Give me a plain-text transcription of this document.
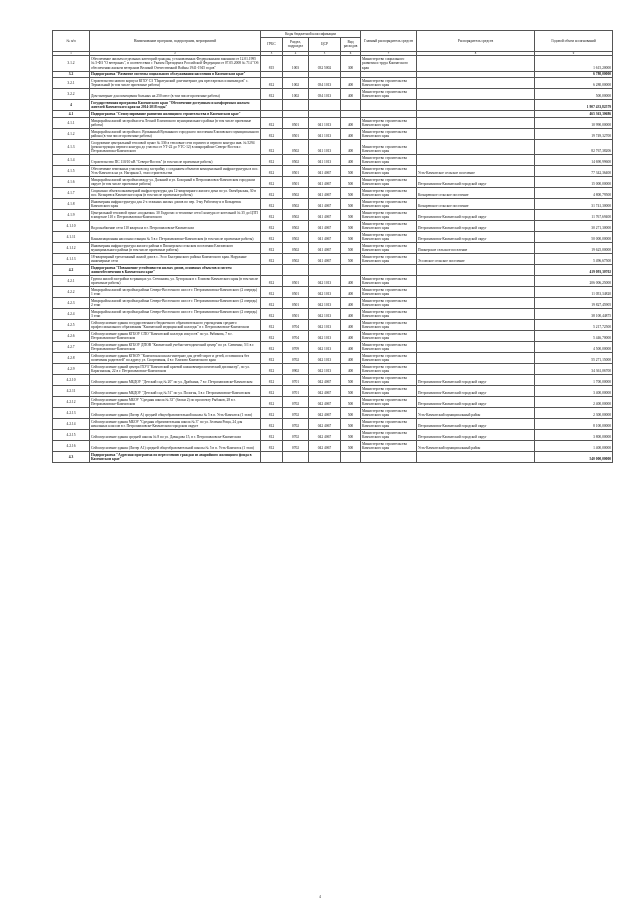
№ п/п	Наименование программ, подпрограмм, мероприятий	Коды бюджетной классификации				Главный распорядитель средств	Распорядитель средств	Годовой объем ассигнований
		ГРБС	Раздел, подраздел	ЦСР	Вид расходов			
1	2	3	4	5	6	7	8	9
3.1.2	Обеспечение жильем отдельных категорий граждан, установленных Федеральными законами от 12.01.1995 № 5-ФЗ "О ветеранах", в соответствии с Указом Президента Российской Федерации от 07.05.2008 № 714 "Об обеспечении жильем ветеранов Великой Отечественной Войны 1941-1945 годов"	815	1003	032 5002	300	Министерство социального развития и труда Камчатского края		1 615,20000
3.2	Подпрограмма "Развитие системы социального обслуживания населения в Камчатском крае"							6 780,00000
3.2.1	Строительство нового корпуса КГБУ СЗ "Паратунский дом-интернат для престарелых и инвалидов" с. Термальный (в том числе проектные работы)	812	1002	034 1013	400	Министерство строительства Камчатского края		6 280,00000
3.2.2	Дом-интернат для помещения больных на 250 мест (в том числе проектные работы)	812	1002	034 1013	400	Министерство строительства Камчатского края		500,00000
4	Государственная программа Камчатского края "Обеспечение доступным и комфортным жильем жителей Камчатского края на 2014-2018 годы"							1 907 433,82579
4.1	Подпрограмма "Стимулирование развития жилищного строительства в Камчатском крае"							465 363,30686
4.1.1	Микрорайон жилой застройки м-н Лесной Елизовского муниципального района (в том числе проектные работы)	812	0501	041 1013	400	Министерство строительства Камчатского края		10 990,00000
4.1.2	Микрорайон жилой застройки п. Вулканный Вулканного городского поселения Елизовского муниципального района (в том числе проектные работы)	812	0501	041 1013	400	Министерство строительства Камчатского края		19 749,32700
4.1.3	Сооружение центральный тепловой пункт № 336-а тепловые сети горячего и первого контура инв. № 5294 (реконструкция первого контура до участка от УТ-22 до УТС-12) в микрорайоне Северо-Восток г. Петропавловска-Камчатского	812	0502	041 1013	400	Министерство строительства Камчатского края		82 767,38206
4.1.4	Строительство ПС 110/10 кВ "Северо-Восток" (в том числе проектные работы)	812	0502	041 1013	400	Министерство строительства Камчатского края		14 690,99600
4.1.5	Обеспечение земельных участков под застройку с созданием объектов коммунальной инфраструктуры в пос. Усть-Камчатск на ул. Нагорная 3, этап строительства	812	0501	041 4067	500	Министерство строительства Камчатского края	Усть-Камчатское сельское поселение	77 342,36400
4.1.6	Микрорайон жилой застройки между ул. Дальний и ул. Бохорный в Петропавловск-Камчатском городском округе (в том числе проектные работы)	812	0501	041 4067	500	Министерство строительства Камчатского края	Петропавловск-Камчатский городской округ	15 000,00000
4.1.7	Социально объекта инженерной инфраструктуры для 12-квартирного жилого дома по ул. Октябрьская, 30 в пос. Козыревск Камчатского края (в том числе проектные работы)	812	0502	041 4067	500	Министерство строительства Камчатского края	Козыревское сельское поселение	4 800,79500
4.1.8	Инженерная инфраструктура для 2-х этажных жилых домов по пер. 3-му Рабочему и в Козыревск Камчатского края	812	0502	041 4067	500	Министерство строительства Камчатского края	Козыревское сельское поселение	31 741,30000
4.1.9	Центральный тепловой пункт «подкачки» 30 Гидрочас и тепловые сети I контура от котельной № 35 до ЦТП в квартале 110 г. Петропавловска-Камчатского	812	0502	041 4067	500	Министерство строительства Камчатского края	Петропавловск-Камчатский городской округ	11 767,69400
4.1.10	Водоснабжение сети 110 квартала в г. Петропавловске-Камчатском	812	0502	041 4067	500	Министерство строительства Камчатского края	Петропавловск-Камчатский городской округ	30 271,30000
4.1.11	Канализационная насосная станция № 5 в г. Петропавловске-Камчатском (в том числе проектные работы)	812	0502	041 4067	500	Министерство строительства Камчатского края	Петропавловск-Камчатский городской округ	50 000,00000
4.1.12	Инженерная инфраструктура жилого района в Пионерском сельском поселении Елизовского муниципального района (в том числе проектные работы)	812	0502	041 4067	500	Министерство строительства Камчатского края	Пионерское сельское поселение	19 625,00000
4.1.13	18-квартирный трехэтажный жилой дом в с. Эссо Быстринского района Камчатского края. Наружные инженерные сети	812	0502	041 4067	500	Министерство строительства Камчатского края	Эссовское сельское поселение	5 496,67500
4.2	Подпрограмма "Повышение устойчивости жилых домов, основных объектов и систем жизнеобеспечения в Камчатском крае"							419 093,30702
4.2.1	Группа жилой застройки в границах ул. Степанова, ул. Хуторская в г. Елизово Камчатского края (в том числе проектные работы)	812	0501	042 1013	400	Министерство строительства Камчатского края		206 006,25000
4.2.2	Микрорайон жилой застройки района Северо-Восточного шоссе г. Петропавловска-Камчатского (2 очередь) 1 этап	812	0501	042 1013	400	Министерство строительства Камчатского края		11 053,34820
4.2.3	Микрорайон жилой застройки района Северо-Восточного шоссе г. Петропавловска-Камчатского (2 очередь) 2 этап	812	0501	042 1013	400	Министерство строительства Камчатского края		19 827,45905
4.2.4	Микрорайон жилой застройки района Северо-Восточного шоссе г. Петропавловска-Камчатского (2 очередь) 3 этап	812	0501	042 1013	400	Министерство строительства Камчатского края		38 100,44875
4.2.5	Сейсмоусиление здания государственного бюджетного образовательного учреждения среднего профессионального образования "Камчатский медицинский колледж" в г. Петропавловске-Камчатском	812	0704	042 1013	400	Министерство строительства Камчатского края		5 217,72500
4.2.6	Сейсмоусиление здания КГБОУ СПО "Камчатский колледж искусств" по ул. Рябикова, 7 в г. Петропавловске-Камчатском	812	0704	042 1013	400	Министерство строительства Камчатского края		5 446,70000
4.2.7	Сейсмоусиление здания КГБОУ ДПОВ "Камчатский учебно-методический центр" по ул. Савченко, 5/1 в г. Петропавловске-Камчатском	812	0709	042 1013	400	Министерство строительства Камчатского края		4 500,00000
4.2.8	Сейсмоусиление здания КГКОУ "Камчатская школа-интернат для детей-сирот и детей, оставшихся без попечения родителей" по адресу ул. Спортивная, 4 в г. Елизово Камчатского края	812	0702	042 1013	400	Министерство строительства Камчатского края		55 271,15000
4.2.9	Сейсмоусиление зданий центра ГБУЗ "Камчатский краевой кожновенерологический диспансер", по ул. Карагинская, 22 в г. Петропавловске-Камчатском	812	0902	042 1013	400	Министерство строительства Камчатского края		34 361,06700
4.2.10	Сейсмоусиление здания МБДОУ "Детский сад № 20" по ул. Драбкина, 7 в г. Петропавловске-Камчатском	812	0701	042 4067	500	Министерство строительства Камчатского края	Петропавловск-Камчатский городской округ	1 700,00000
4.2.11	Сейсмоусиление здания МБДОУ "Детский сад № 51" по ул. Пологая, 3 в г. Петропавловске-Камчатском	812	0701	042 4067	500	Министерство строительства Камчатского края	Петропавловск-Камчатский городской округ	3 400,00000
4.2.12	Сейсмоусиление здания МБОУ "Средняя школа № 33" (блоки 2) по проспекту Рыбаков, 28 в г. Петропавловске-Камчатском	812	0702	042 4067	500	Министерство строительства Камчатского края	Петропавловск-Камчатский городской округ	2 400,00000
4.2.13	Сейсмоусиление здания (Литер А) средней общеобразовательной школы № 5 в п. Усть-Камчатск (1 этап)	812	0702	042 4067	500	Министерство строительства Камчатского края	Усть-Камчатский муниципальный район	2 300,00000
4.2.14	Сейсмоусиление здания МБОУ "Средняя образовательная школа № 3" по ул. Зеленая Роща, 24 для начальных классов в г. Петропавловске-Камчатском городском округе	812	0702	042 4067	500	Министерство строительства Камчатского края	Петропавловск-Камчатский городской округ	8 100,00000
4.2.15	Сейсмоусиление здания средней школы № 8 по ул. Давыдова 15, в г. Петропавловске-Камчатском	812	0702	042 4067	500	Министерство строительства Камчатского края	Петропавловск-Камчатский городской округ	3 800,00000
4.2.16	Сейсмоусиление здания (Литер А1) средней общеобразовательной школы № 5 в п. Усть-Камчатск (1 этап)	812	0702	042 4067	500	Министерство строительства Камчатского края	Усть-Камчатский муниципальный район	1 400,00000
4.3	Подпрограмма "Адресная программа по переселению граждан из аварийного жилищного фонда в Камчатском крае"							540 000,00000
4
